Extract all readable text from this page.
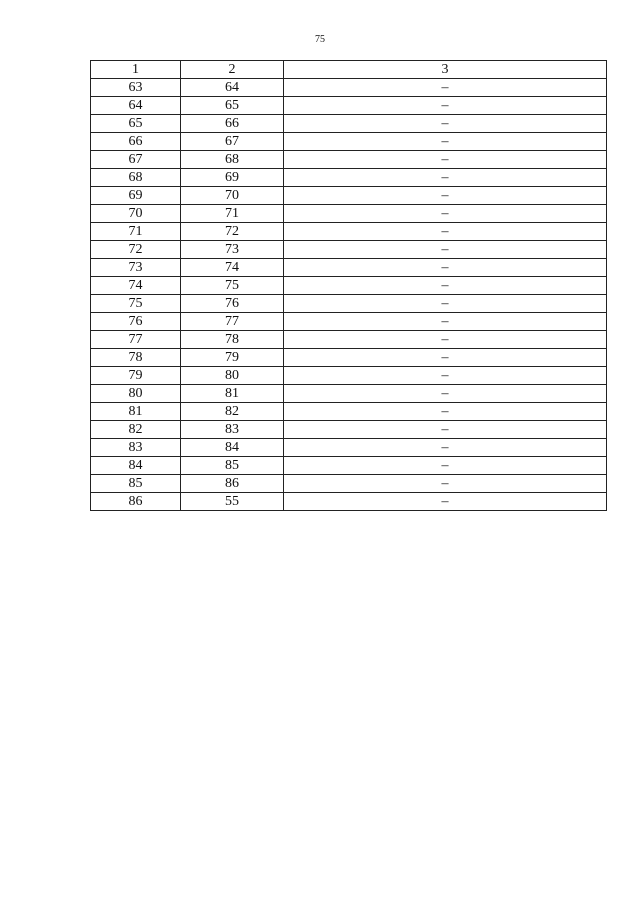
75
1	2	3
63	64	–
64	65	–
65	66	–
66	67	–
67	68	–
68	69	–
69	70	–
70	71	–
71	72	–
72	73	–
73	74	–
74	75	–
75	76	–
76	77	–
77	78	–
78	79	–
79	80	–
80	81	–
81	82	–
82	83	–
83	84	–
84	85	–
85	86	–
86	55	–
